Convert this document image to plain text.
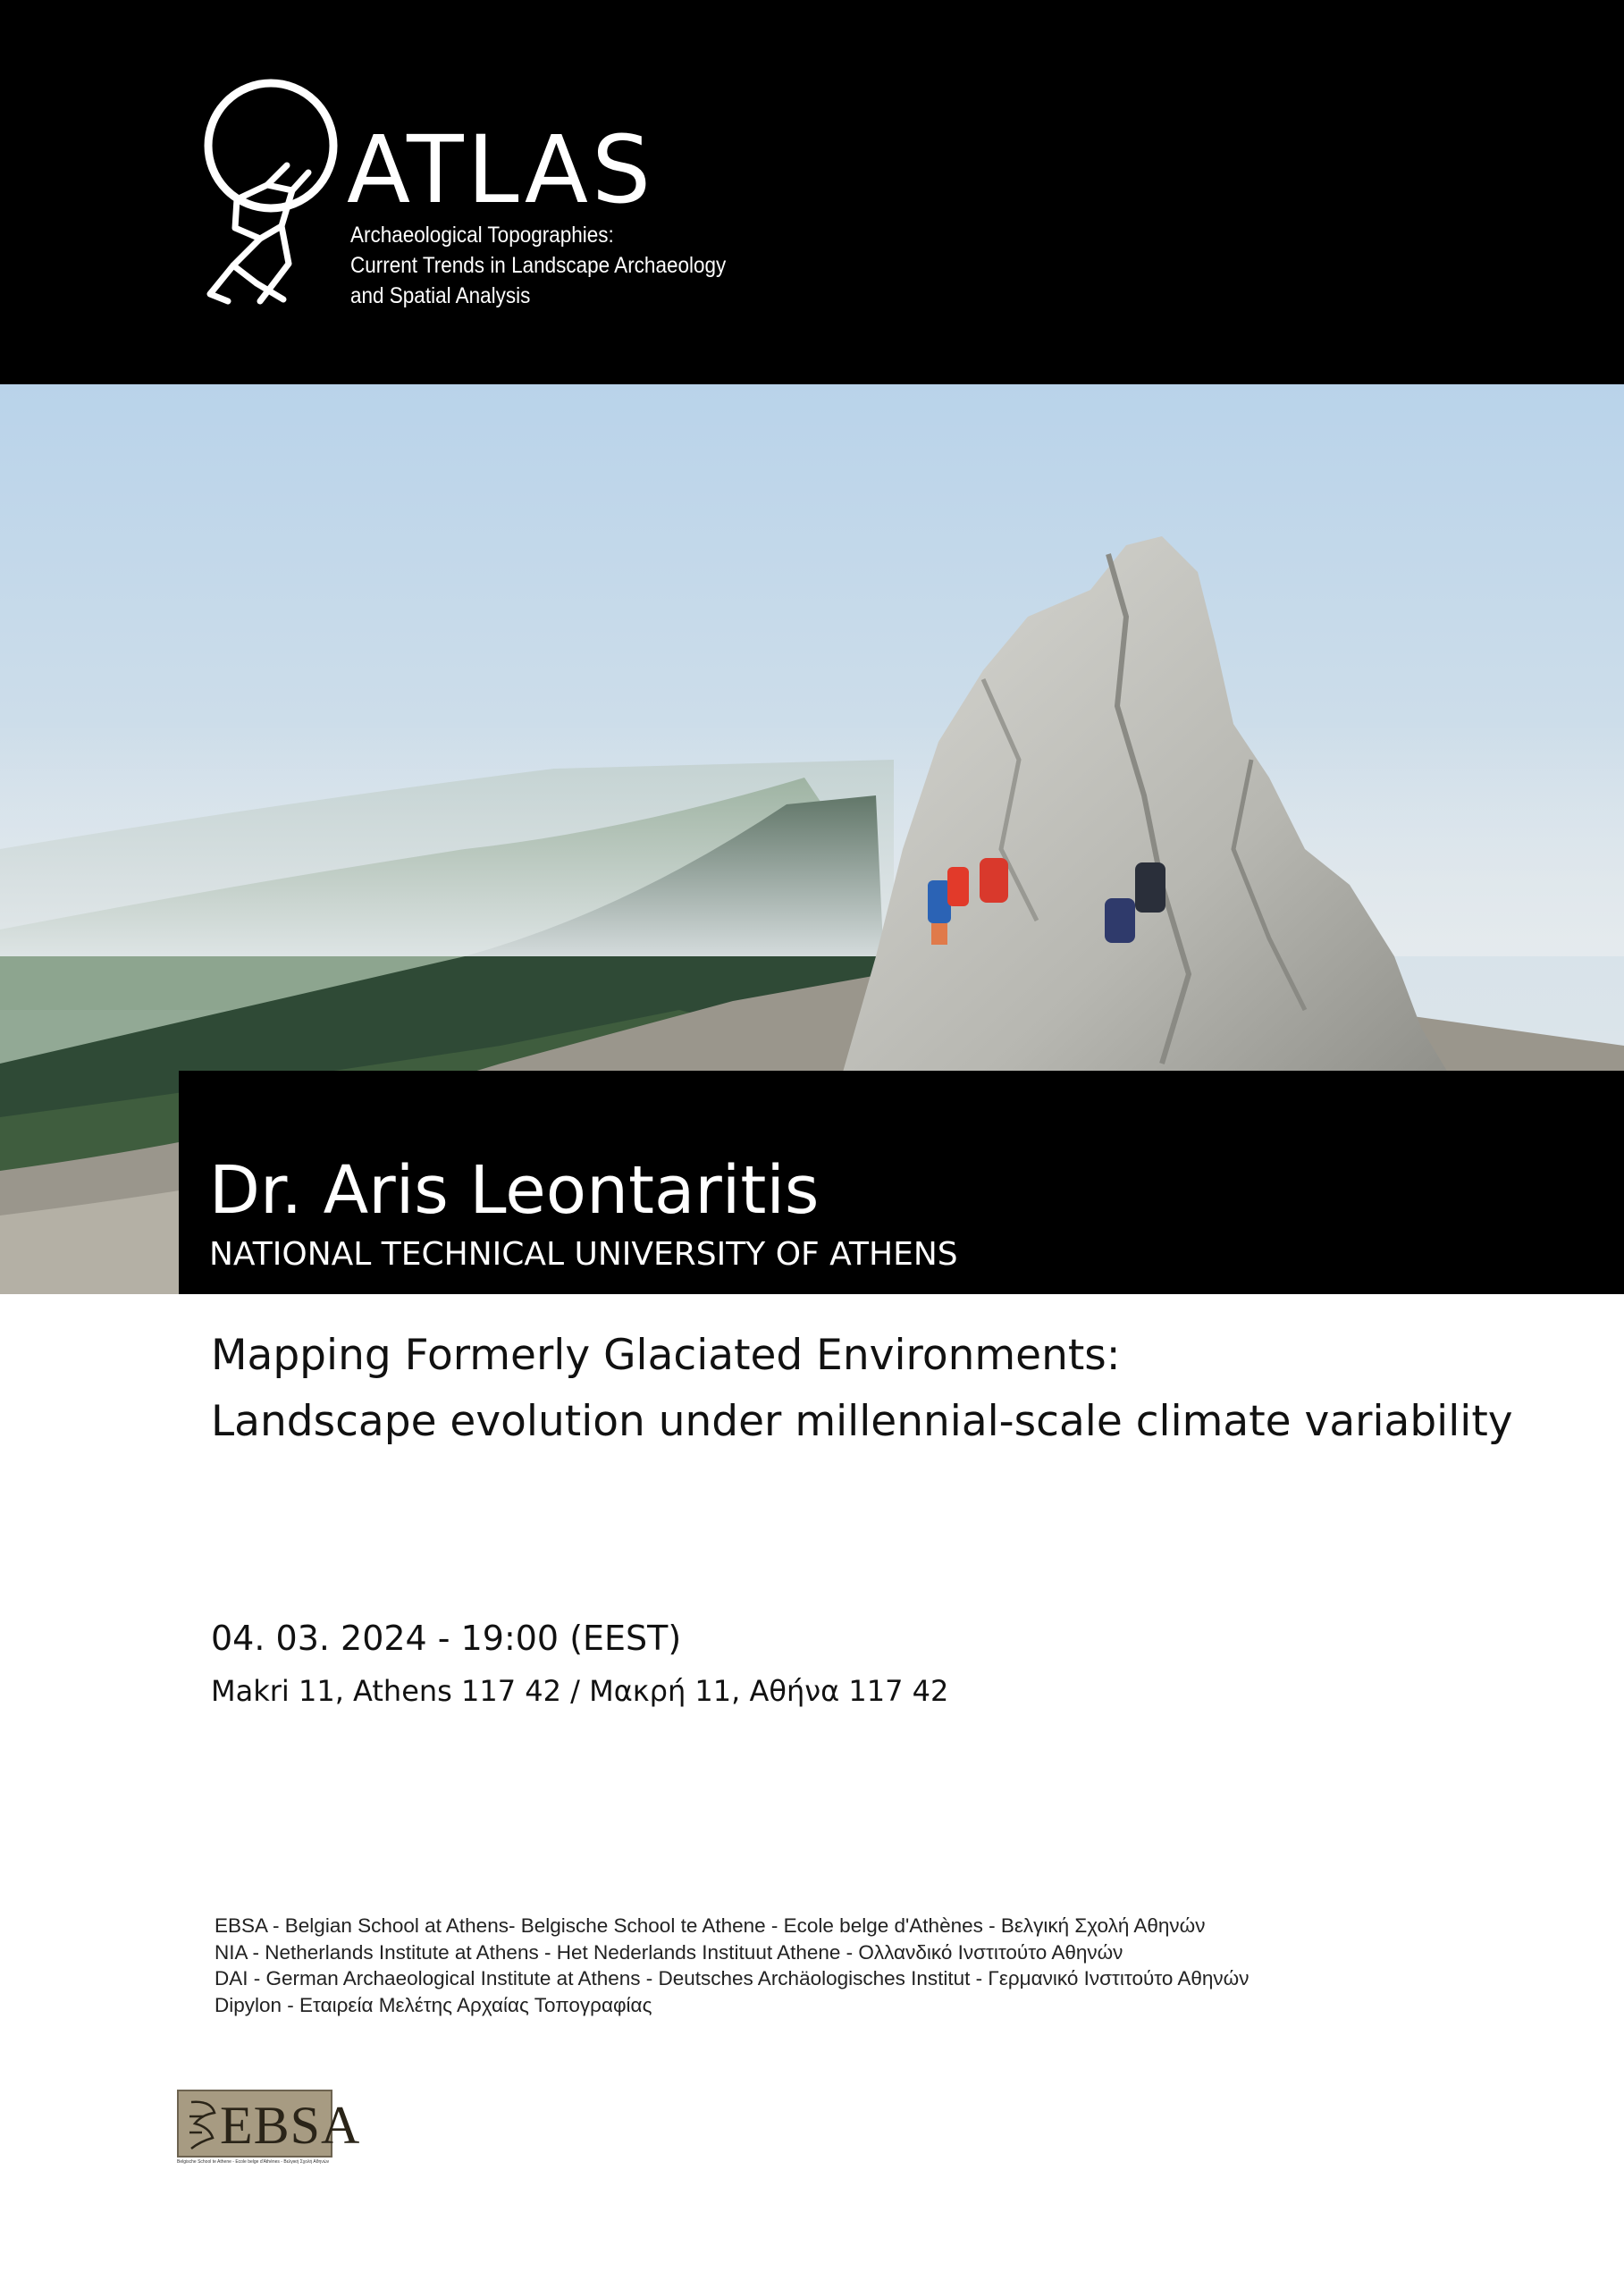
ATLAS
Archaeological Topographies:
Current Trends in Landscape Archaeology
and Spatial Analysis
Dr. Aris Leontaritis
NATIONAL TECHNICAL UNIVERSITY OF ATHENS
Mapping Formerly Glaciated Environments:
Landscape evolution under millennial-scale climate variability
04. 03. 2024 - 19:00 (EEST)
Makri 11, Athens 117 42 / Μακρή 11, Αθήνα 117 42
EBSA - Belgian School at Athens- Belgische School te Athene - Ecole belge d'Athènes - Βελγική Σχολή Αθηνών
NIA - Netherlands Institute at Athens - Het Nederlands Instituut Athene - Ολλανδικό Ινστιτούτο Αθηνών
DAI - German Archaeological Institute at Athens - Deutsches Archäologisches Institut - Γερμανικό Ινστιτούτο Αθηνών
Dipylon - Εταιρεία Μελέτης Αρχαίας Τοπογραφίας
EBSA
Belgische School te Athene - Ecole belge d'Athènes - Βελγική Σχολή Αθηνών
